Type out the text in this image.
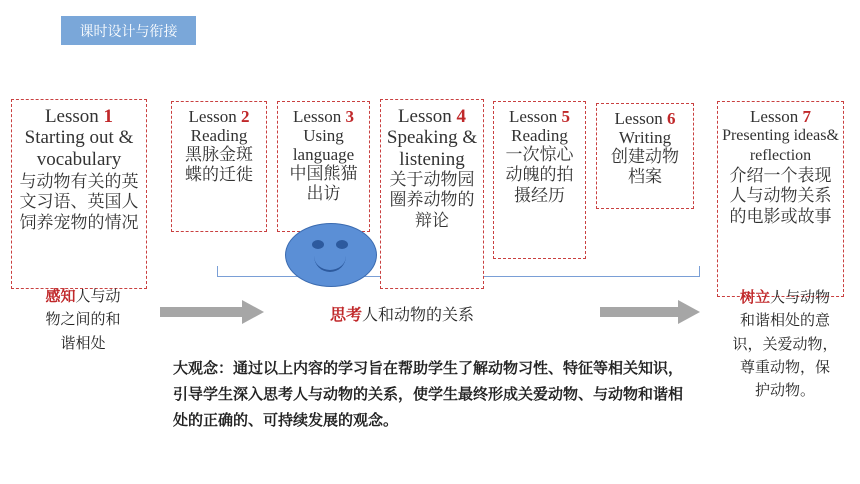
课时设计与衔接
Lesson 1
Starting out & vocabulary
与动物有关的英文习语、英国人饲养宠物的情况
Lesson 2
Reading
黑脉金斑蝶的迁徙
Lesson 3
Using language
中国熊猫出访
Lesson 4
Speaking & listening
关于动物园圈养动物的辩论
Lesson 5
Reading
一次惊心动魄的拍摄经历
Lesson 6
Writing
创建动物档案
Lesson 7
Presenting ideas& reflection
介绍一个表现人与动物关系的电影或故事
感知人与动
物之间的和
谐相处
思考人和动物的关系
树立人与动物
和谐相处的意
识，关爱动物，
尊重动物，保
护动物。
大观念：通过以上内容的学习旨在帮助学生了解动物习性、特征等相关知识，引导学生深入思考人与动物的关系，使学生最终形成关爱动物、与动物和谐相处的正确的、可持续发展的观念。
